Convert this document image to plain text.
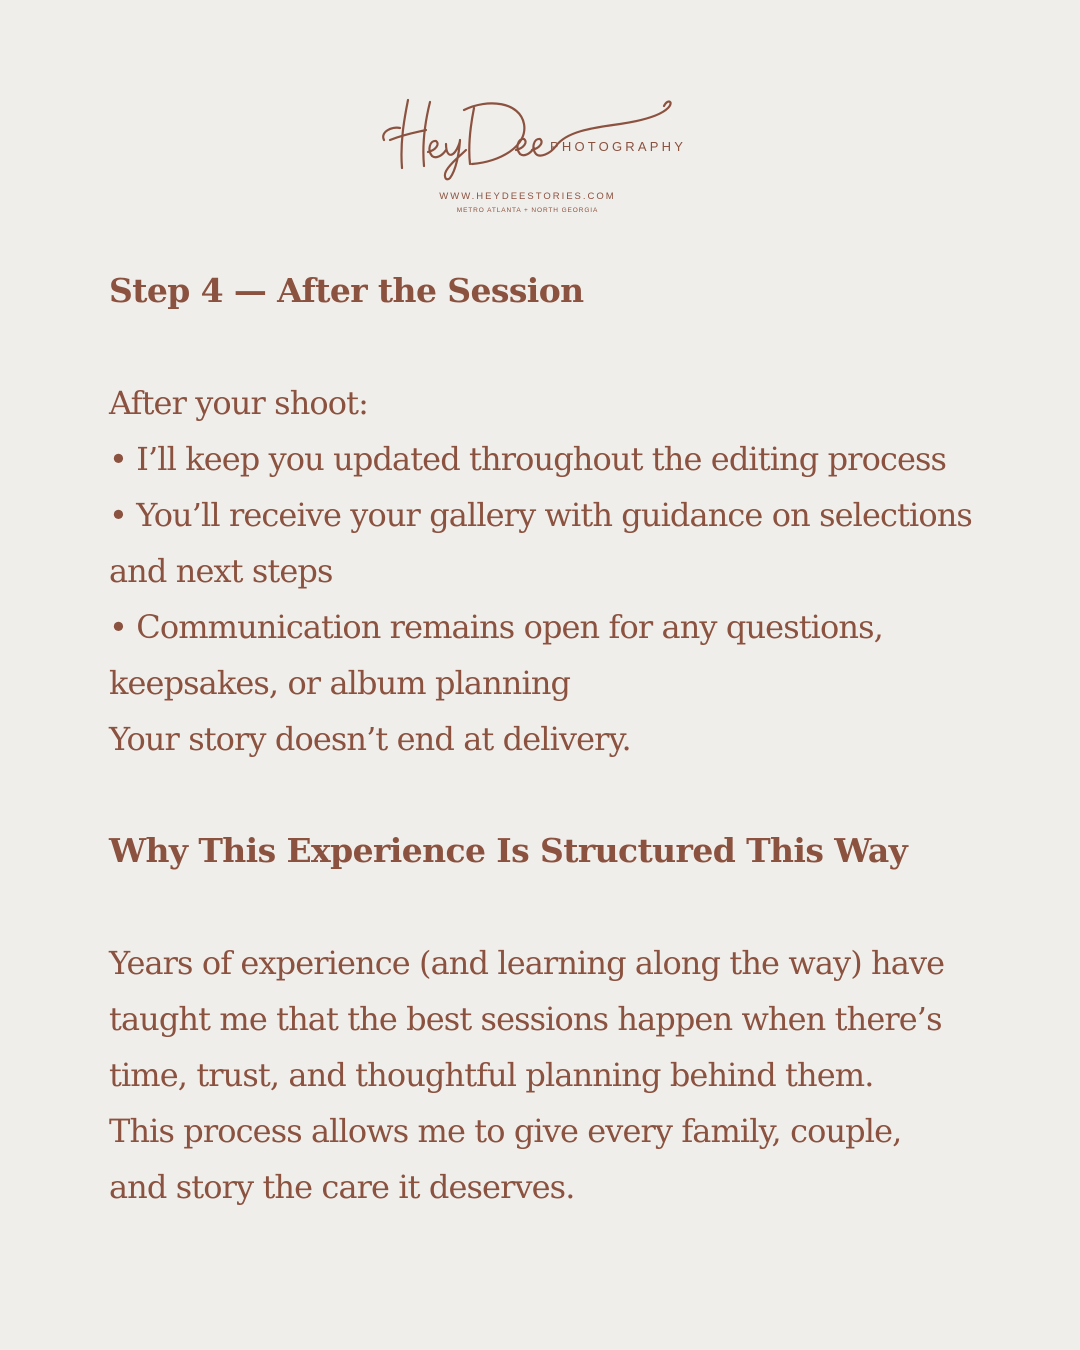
PHOTOGRAPHY
WWW.HEYDEESTORIES.COM
METRO ATLANTA + NORTH GEORGIA
Step 4 — After the Session

After your shoot:

• I’ll keep you updated throughout the editing process
• You’ll receive your gallery with guidance on selections
and next steps
• Communication remains open for any questions,
keepsakes, or album planning
Your story doesn’t end at delivery.
Why This Experience Is Structured This Way
Years of experience (and learning along the way) have
taught me that the best sessions happen when there’s
time, trust, and thoughtful planning behind them.
This process allows me to give every family, couple,
and story the care it deserves.
